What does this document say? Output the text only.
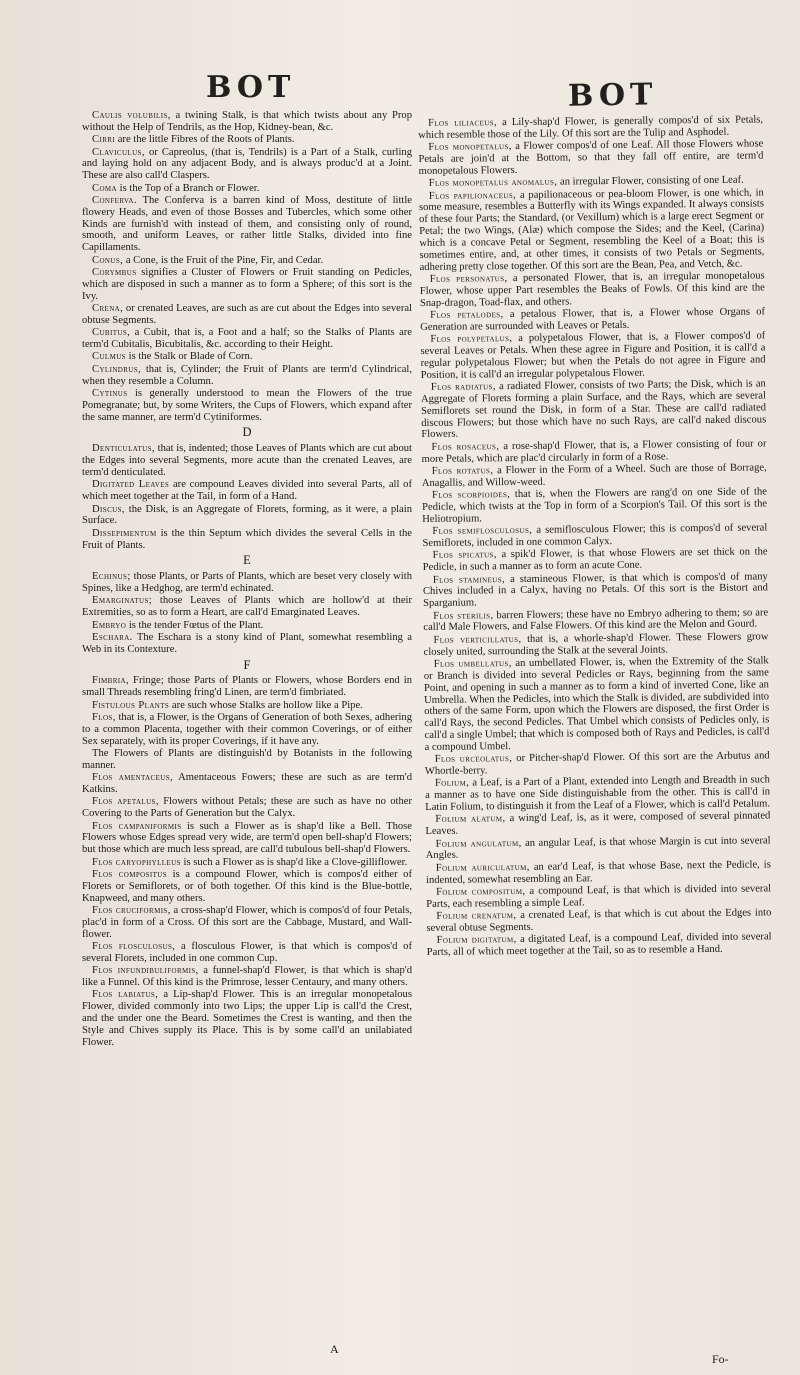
BOT	BOT

Caulis volubilis, a twining Stalk, is that which twists about any Prop without the Help of Tendrils, as the Hop, Kidney-bean, &c.

Cirri are the little Fibres of the Roots of Plants.

Claviculus, or Capreolus, (that is, Tendrils) is a Part of a Stalk, curling and laying hold on any adjacent Body, and is always produc'd at a Joint. These are also call'd Claspers.

Coma is the Top of a Branch or Flower.

Conferva. The Conferva is a barren kind of Moss, destitute of little flowery Heads, and even of those Bosses and Tubercles, which some other Kinds are furnish'd with instead of them, and consisting only of round, smooth, and uniform Leaves, or rather little Stalks, divided into fine Capillaments.

Conus, a Cone, is the Fruit of the Pine, Fir, and Cedar.

Corymbus signifies a Cluster of Flowers or Fruit standing on Pedicles, which are disposed in such a manner as to form a Sphere; of this sort is the Ivy.

Crena, or crenated Leaves, are such as are cut about the Edges into several obtuse Segments.

Cubitus, a Cubit, that is, a Foot and a half; so the Stalks of Plants are term'd Cubitalis, Bicubitalis, &c. according to their Height.

Culmus is the Stalk or Blade of Corn.

Cylindrus, that is, Cylinder; the Fruit of Plants are term'd Cylindrical, when they resemble a Column.

Cytinus is generally understood to mean the Flowers of the true Pomegranate; but, by some Writers, the Cups of Flowers, which expand after the same manner, are term'd Cytiniformes.

D

Denticulatus, that is, indented; those Leaves of Plants which are cut about the Edges into several Segments, more acute than the crenated Leaves, are term'd denticulated.

Digitated Leaves are compound Leaves divided into several Parts, all of which meet together at the Tail, in form of a Hand.

Discus, the Disk, is an Aggregate of Florets, forming, as it were, a plain Surface.

Dissepimentum is the thin Septum which divides the several Cells in the Fruit of Plants.

E

Echinus; those Plants, or Parts of Plants, which are beset very closely with Spines, like a Hedghog, are term'd echinated.

Emarginatus; those Leaves of Plants which are hollow'd at their Extremities, so as to form a Heart, are call'd Emarginated Leaves.

Embryo is the tender Fœtus of the Plant.

Eschara. The Eschara is a stony kind of Plant, somewhat resembling a Web in its Contexture.

F

Fimbria, Fringe; those Parts of Plants or Flowers, whose Borders end in small Threads resembling fring'd Linen, are term'd fimbriated.

Fistulous Plants are such whose Stalks are hollow like a Pipe.

Flos, that is, a Flower, is the Organs of Generation of both Sexes, adhering to a common Placenta, together with their common Coverings, or of either Sex separately, with its proper Coverings, if it have any.

The Flowers of Plants are distinguish'd by Botanists in the following manner.

Flos amentaceus, Amentaceous Fowers; these are such as are term'd Katkins.

Flos apetalus, Flowers without Petals; these are such as have no other Covering to the Parts of Generation but the Calyx.

Flos campaniformis is such a Flower as is shap'd like a Bell. Those Flowers whose Edges spread very wide, are term'd open bell-shap'd Flowers; but those which are much less spread, are call'd tubulous bell-shap'd Flowers.

Flos caryophylleus is such a Flower as is shap'd like a Clove-gilliflower.

Flos compositus is a compound Flower, which is compos'd either of Florets or Semiflorets, or of both together. Of this kind is the Blue-bottle, Knapweed, and many others.

Flos cruciformis, a cross-shap'd Flower, which is compos'd of four Petals, plac'd in form of a Cross. Of this sort are the Cabbage, Mustard, and Wall-flower.

Flos flosculosus, a flosculous Flower, is that which is compos'd of several Florets, included in one common Cup.

Flos infundibuliformis, a funnel-shap'd Flower, is that which is shap'd like a Funnel. Of this kind is the Primrose, lesser Centaury, and many others.

Flos labiatus, a Lip-shap'd Flower. This is an irregular monopetalous Flower, divided commonly into two Lips; the upper Lip is call'd the Crest, and the under one the Beard. Sometimes the Crest is wanting, and then the Style and Chives supply its Place. This is by some call'd an unilabiated Flower.

Flos liliaceus, a Lily-shap'd Flower, is generally compos'd of six Petals, which resemble those of the Lily. Of this sort are the Tulip and Asphodel.

Flos monopetalus, a Flower compos'd of one Leaf. All those Flowers whose Petals are join'd at the Bottom, so that they fall off entire, are term'd monopetalous Flowers.

Flos monopetalus anomalus, an irregular Flower, consisting of one Leaf.

Flos papilionaceus, a papilionaceous or pea-bloom Flower, is one which, in some measure, resembles a Butterfly with its Wings expanded. It always consists of these four Parts; the Standard, (or Vexillum) which is a large erect Segment or Petal; the two Wings, (Alæ) which compose the Sides; and the Keel, (Carina) which is a concave Petal or Segment, resembling the Keel of a Boat; this is sometimes entire, and, at other times, it consists of two Petals or Segments, adhering pretty close together. Of this sort are the Bean, Pea, and Vetch, &c.

Flos personatus, a personated Flower, that is, an irregular monopetalous Flower, whose upper Part resembles the Beaks of Fowls. Of this kind are the Snap-dragon, Toad-flax, and others.

Flos petalodes, a petalous Flower, that is, a Flower whose Organs of Generation are surrounded with Leaves or Petals.

Flos polypetalus, a polypetalous Flower, that is, a Flower compos'd of several Leaves or Petals. When these agree in Figure and Position, it is call'd a regular polypetalous Flower; but when the Petals do not agree in Figure and Position, it is call'd an irregular polypetalous Flower.

Flos radiatus, a radiated Flower, consists of two Parts; the Disk, which is an Aggregate of Florets forming a plain Surface, and the Rays, which are several Semiflorets set round the Disk, in form of a Star. These are call'd radiated discous Flowers; but those which have no such Rays, are call'd naked discous Flowers.

Flos rosaceus, a rose-shap'd Flower, that is, a Flower consisting of four or more Petals, which are plac'd circularly in form of a Rose.

Flos rotatus, a Flower in the Form of a Wheel. Such are those of Borrage, Anagallis, and Willow-weed.

Flos scorpioides, that is, when the Flowers are rang'd on one Side of the Pedicle, which twists at the Top in form of a Scorpion's Tail. Of this sort is the Heliotropium.

Flos semiflosculosus, a semiflosculous Flower; this is compos'd of several Semiflorets, included in one common Calyx.

Flos spicatus, a spik'd Flower, is that whose Flowers are set thick on the Pedicle, in such a manner as to form an acute Cone.

Flos stamineus, a stamineous Flower, is that which is compos'd of many Chives included in a Calyx, having no Petals. Of this sort is the Bistort and Sparganium.

Flos sterilis, barren Flowers; these have no Embryo adhering to them; so are call'd Male Flowers, and False Flowers. Of this kind are the Melon and Gourd.

Flos verticillatus, that is, a whorle-shap'd Flower. These Flowers grow closely united, surrounding the Stalk at the several Joints.

Flos umbellatus, an umbellated Flower, is, when the Extremity of the Stalk or Branch is divided into several Pedicles or Rays, beginning from the same Point, and opening in such a manner as to form a kind of inverted Cone, like an Umbrella. When the Pedicles, into which the Stalk is divided, are subdivided into others of the same Form, upon which the Flowers are disposed, the first Order is call'd Rays, the second Pedicles. That Umbel which consists of Pedicles only, is call'd a single Umbel; that which is composed both of Rays and Pedicles, is call'd a compound Umbel.

Flos urceolatus, or Pitcher-shap'd Flower. Of this sort are the Arbutus and Whortle-berry.

Folium, a Leaf, is a Part of a Plant, extended into Length and Breadth in such a manner as to have one Side distinguishable from the other. This is call'd in Latin Folium, to distinguish it from the Leaf of a Flower, which is call'd Petalum.

Folium alatum, a wing'd Leaf, is, as it were, composed of several pinnated Leaves.

Folium angulatum, an angular Leaf, is that whose Margin is cut into several Angles.

Folium auriculatum, an ear'd Leaf, is that whose Base, next the Pedicle, is indented, somewhat resembling an Ear.

Folium compositum, a compound Leaf, is that which is divided into several Parts, each resembling a simple Leaf.

Folium crenatum, a crenated Leaf, is that which is cut about the Edges into several obtuse Segments.

Folium digitatum, a digitated Leaf, is a compound Leaf, divided into several Parts, all of which meet together at the Tail, so as to resemble a Hand.

A
Fo-
